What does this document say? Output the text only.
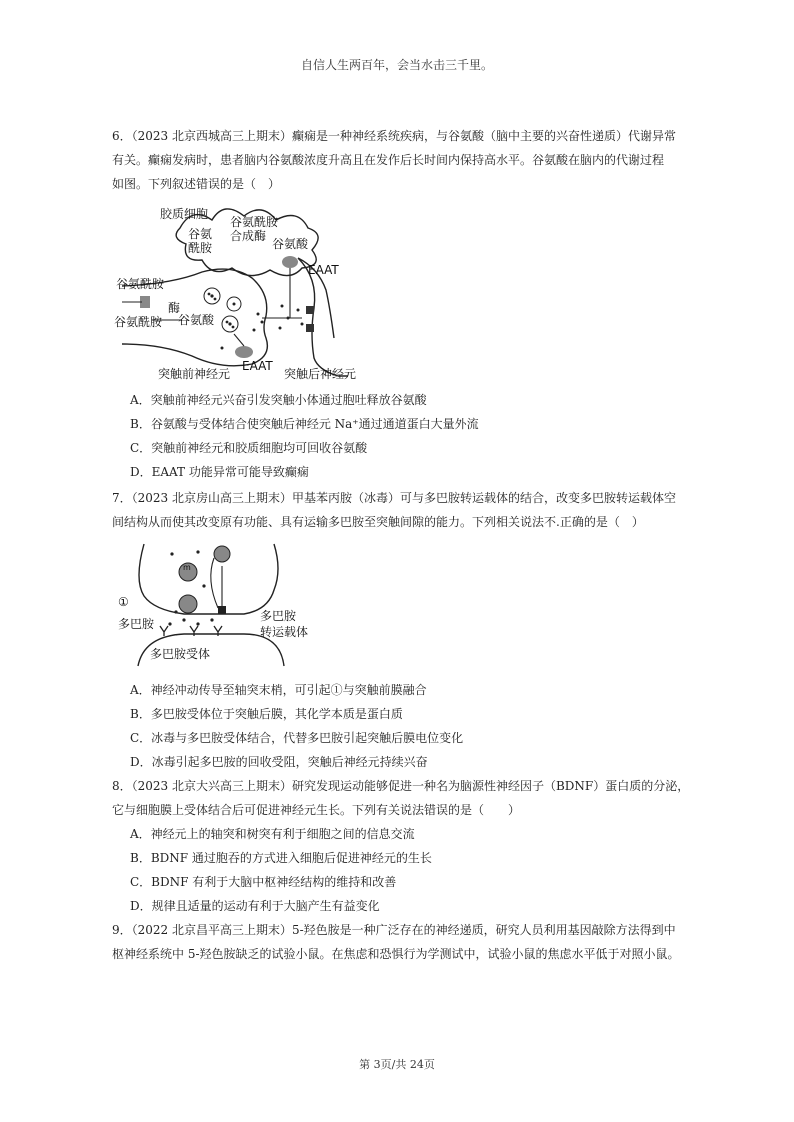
自信人生两百年，会当水击三千里。
6．（2023 北京西城高三上期末）癫痫是一种神经系统疾病，与谷氨酸（脑中主要的兴奋性递质）代谢异常
有关。癫痫发病时，患者脑内谷氨酸浓度升高且在发作后长时间内保持高水平。谷氨酸在脑内的代谢过程
如图。下列叙述错误的是（　）
胶质细胞
谷氨
酰胺
谷氨酰胺
合成酶
谷氨酸
EAAT
谷氨酰胺
谷氨酰胺
酶
谷氨酸
EAAT
突触前神经元	突触后神经元
A．突触前神经元兴奋引发突触小体通过胞吐释放谷氨酸
B．谷氨酸与受体结合使突触后神经元 Na⁺通过通道蛋白大量外流
C．突触前神经元和胶质细胞均可回收谷氨酸
D．EAAT 功能异常可能导致癫痫
7．（2023 北京房山高三上期末）甲基苯丙胺（冰毒）可与多巴胺转运载体的结合，改变多巴胺转运载体空
间结构从而使其改变原有功能、具有运输多巴胺至突触间隙的能力。下列相关说法不.正确的是（　）
m
①
多巴胺
多巴胺
转运载体
多巴胺受体
A．神经冲动传导至轴突末梢，可引起①与突触前膜融合
B．多巴胺受体位于突触后膜，其化学本质是蛋白质
C．冰毒与多巴胺受体结合，代替多巴胺引起突触后膜电位变化
D．冰毒引起多巴胺的回收受阻，突触后神经元持续兴奋
8．（2023 北京大兴高三上期末）研究发现运动能够促进一种名为脑源性神经因子（BDNF）蛋白质的分泌，
它与细胞膜上受体结合后可促进神经元生长。下列有关说法错误的是（　　）
A．神经元上的轴突和树突有利于细胞之间的信息交流
B．BDNF 通过胞吞的方式进入细胞后促进神经元的生长
C．BDNF 有利于大脑中枢神经结构的维持和改善
D．规律且适量的运动有利于大脑产生有益变化
9．（2022 北京昌平高三上期末）5-羟色胺是一种广泛存在的神经递质，研究人员利用基因敲除方法得到中
枢神经系统中 5-羟色胺缺乏的试验小鼠。在焦虑和恐惧行为学测试中，试验小鼠的焦虑水平低于对照小鼠。
第 3页/共 24页
